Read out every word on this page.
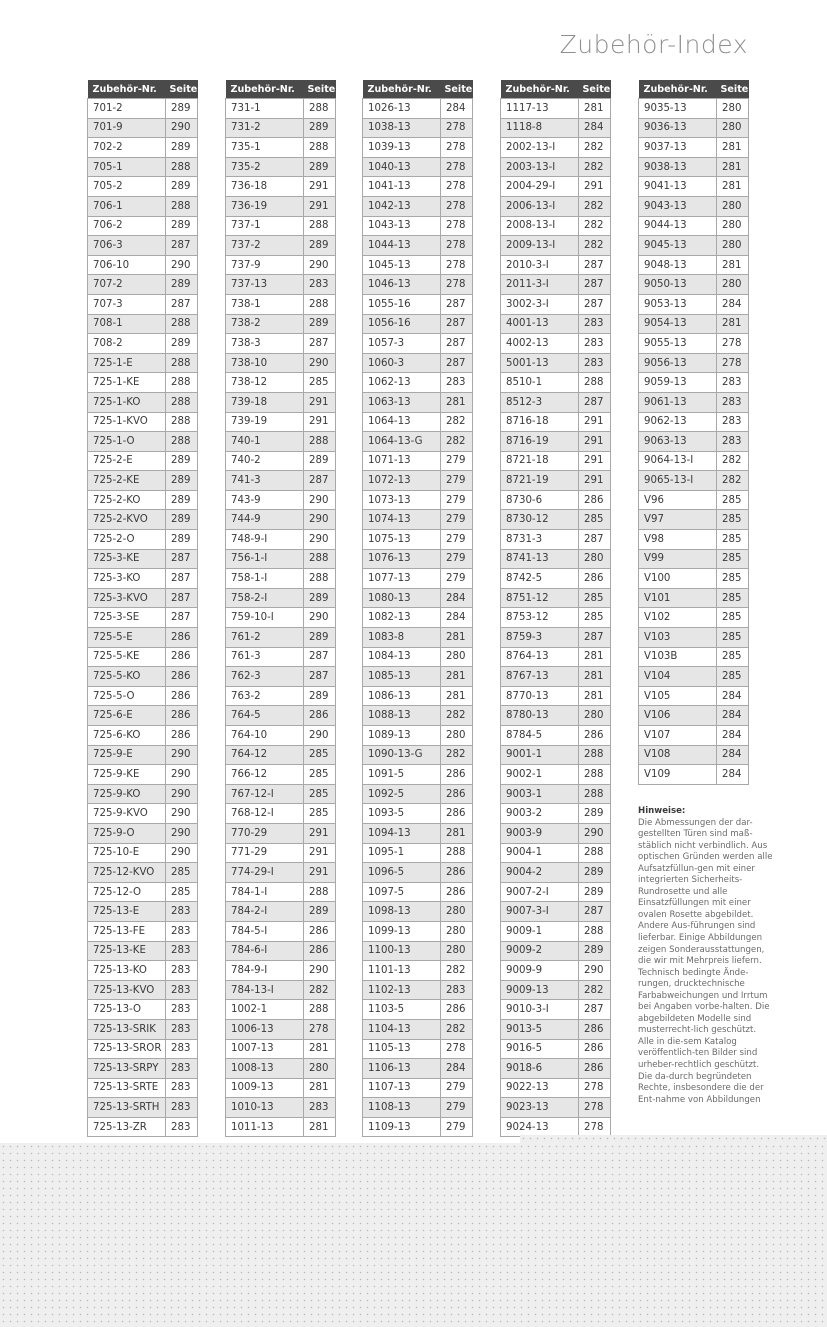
Zubehör-Index
Zubehör-Nr.	Seite
701-2	289
701-9	290
702-2	289
705-1	288
705-2	289
706-1	288
706-2	289
706-3	287
706-10	290
707-2	289
707-3	287
708-1	288
708-2	289
725-1-E	288
725-1-KE	288
725-1-KO	288
725-1-KVO	288
725-1-O	288
725-2-E	289
725-2-KE	289
725-2-KO	289
725-2-KVO	289
725-2-O	289
725-3-KE	287
725-3-KO	287
725-3-KVO	287
725-3-SE	287
725-5-E	286
725-5-KE	286
725-5-KO	286
725-5-O	286
725-6-E	286
725-6-KO	286
725-9-E	290
725-9-KE	290
725-9-KO	290
725-9-KVO	290
725-9-O	290
725-10-E	290
725-12-KVO	285
725-12-O	285
725-13-E	283
725-13-FE	283
725-13-KE	283
725-13-KO	283
725-13-KVO	283
725-13-O	283
725-13-SRIK	283
725-13-SROR	283
725-13-SRPY	283
725-13-SRTE	283
725-13-SRTH	283
725-13-ZR	283
Zubehör-Nr.	Seite
731-1	288
731-2	289
735-1	288
735-2	289
736-18	291
736-19	291
737-1	288
737-2	289
737-9	290
737-13	283
738-1	288
738-2	289
738-3	287
738-10	290
738-12	285
739-18	291
739-19	291
740-1	288
740-2	289
741-3	287
743-9	290
744-9	290
748-9-I	290
756-1-I	288
758-1-I	288
758-2-I	289
759-10-I	290
761-2	289
761-3	287
762-3	287
763-2	289
764-5	286
764-10	290
764-12	285
766-12	285
767-12-I	285
768-12-I	285
770-29	291
771-29	291
774-29-I	291
784-1-I	288
784-2-I	289
784-5-I	286
784-6-I	286
784-9-I	290
784-13-I	282
1002-1	288
1006-13	278
1007-13	281
1008-13	280
1009-13	281
1010-13	283
1011-13	281
Zubehör-Nr.	Seite
1026-13	284
1038-13	278
1039-13	278
1040-13	278
1041-13	278
1042-13	278
1043-13	278
1044-13	278
1045-13	278
1046-13	278
1055-16	287
1056-16	287
1057-3	287
1060-3	287
1062-13	283
1063-13	281
1064-13	282
1064-13-G	282
1071-13	279
1072-13	279
1073-13	279
1074-13	279
1075-13	279
1076-13	279
1077-13	279
1080-13	284
1082-13	284
1083-8	281
1084-13	280
1085-13	281
1086-13	281
1088-13	282
1089-13	280
1090-13-G	282
1091-5	286
1092-5	286
1093-5	286
1094-13	281
1095-1	288
1096-5	286
1097-5	286
1098-13	280
1099-13	280
1100-13	280
1101-13	282
1102-13	283
1103-5	286
1104-13	282
1105-13	278
1106-13	284
1107-13	279
1108-13	279
1109-13	279
Zubehör-Nr.	Seite
1117-13	281
1118-8	284
2002-13-I	282
2003-13-I	282
2004-29-I	291
2006-13-I	282
2008-13-I	282
2009-13-I	282
2010-3-I	287
2011-3-I	287
3002-3-I	287
4001-13	283
4002-13	283
5001-13	283
8510-1	288
8512-3	287
8716-18	291
8716-19	291
8721-18	291
8721-19	291
8730-6	286
8730-12	285
8731-3	287
8741-13	280
8742-5	286
8751-12	285
8753-12	285
8759-3	287
8764-13	281
8767-13	281
8770-13	281
8780-13	280
8784-5	286
9001-1	288
9002-1	288
9003-1	288
9003-2	289
9003-9	290
9004-1	288
9004-2	289
9007-2-I	289
9007-3-I	287
9009-1	288
9009-2	289
9009-9	290
9009-13	282
9010-3-I	287
9013-5	286
9016-5	286
9018-6	286
9022-13	278
9023-13	278
9024-13	278
Zubehör-Nr.	Seite
9035-13	280
9036-13	280
9037-13	281
9038-13	281
9041-13	281
9043-13	280
9044-13	280
9045-13	280
9048-13	281
9050-13	280
9053-13	284
9054-13	281
9055-13	278
9056-13	278
9059-13	283
9061-13	283
9062-13	283
9063-13	283
9064-13-I	282
9065-13-I	282
V96	285
V97	285
V98	285
V99	285
V100	285
V101	285
V102	285
V103	285
V103B	285
V104	285
V105	284
V106	284
V107	284
V108	284
V109	284
Hinweise:
Die Abmessungen der dar-gestellten Türen sind maß-stäblich nicht verbindlich. Aus optischen Gründen werden alle Aufsatzfüllun-gen mit einer integrierten Sicherheits-Rundrosette und alle Einsatzfüllungen mit einer ovalen Rosette abgebildet. Andere Aus-führungen sind lieferbar. Einige Abbildungen zeigen Sonderausstattungen, die wir mit Mehrpreis liefern. Technisch bedingte Ände-rungen, drucktechnische Farbabweichungen und Irrtum bei Angaben vorbe-halten. Die abgebildeten Modelle sind musterrecht-lich geschützt. Alle in die-sem Katalog veröffentlich-ten Bilder sind urheber-rechtlich geschützt. Die da-durch begründeten Rechte, insbesondere die der Ent-nahme von Abbildungen
